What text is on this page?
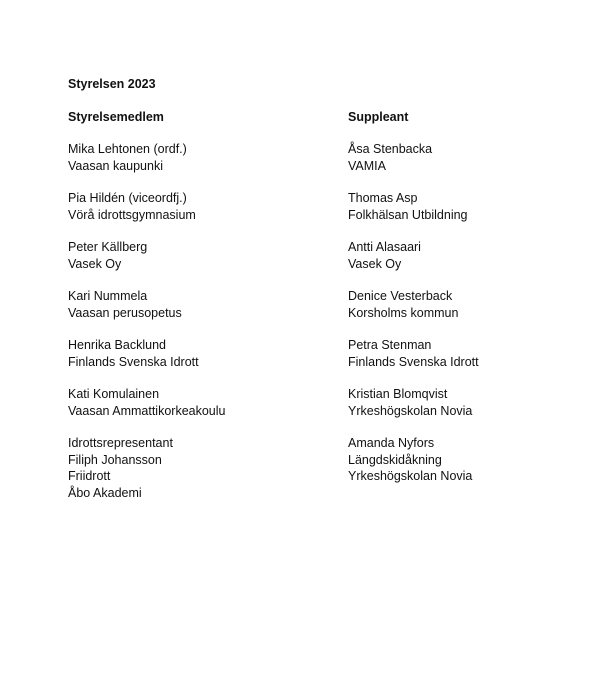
Styrelsen 2023
Styrelsemedlem
Mika Lehtonen (ordf.)
Vaasan kaupunki
Pia Hildén (viceordfj.)
Vörå idrottsgymnasium
Peter Källberg
Vasek Oy
Kari Nummela
Vaasan perusopetus
Henrika Backlund
Finlands Svenska Idrott
Kati Komulainen
Vaasan Ammattikorkeakoulu
Idrottsrepresentant
Filiph Johansson
Friidrott
Åbo Akademi
Suppleant
Åsa Stenbacka
VAMIA
Thomas Asp
Folkhälsan Utbildning
Antti Alasaari
Vasek Oy
Denice Vesterback
Korsholms kommun
Petra Stenman
Finlands Svenska Idrott
Kristian Blomqvist
Yrkeshögskolan Novia
Amanda Nyfors
Längdskidåkning
Yrkeshögskolan Novia
